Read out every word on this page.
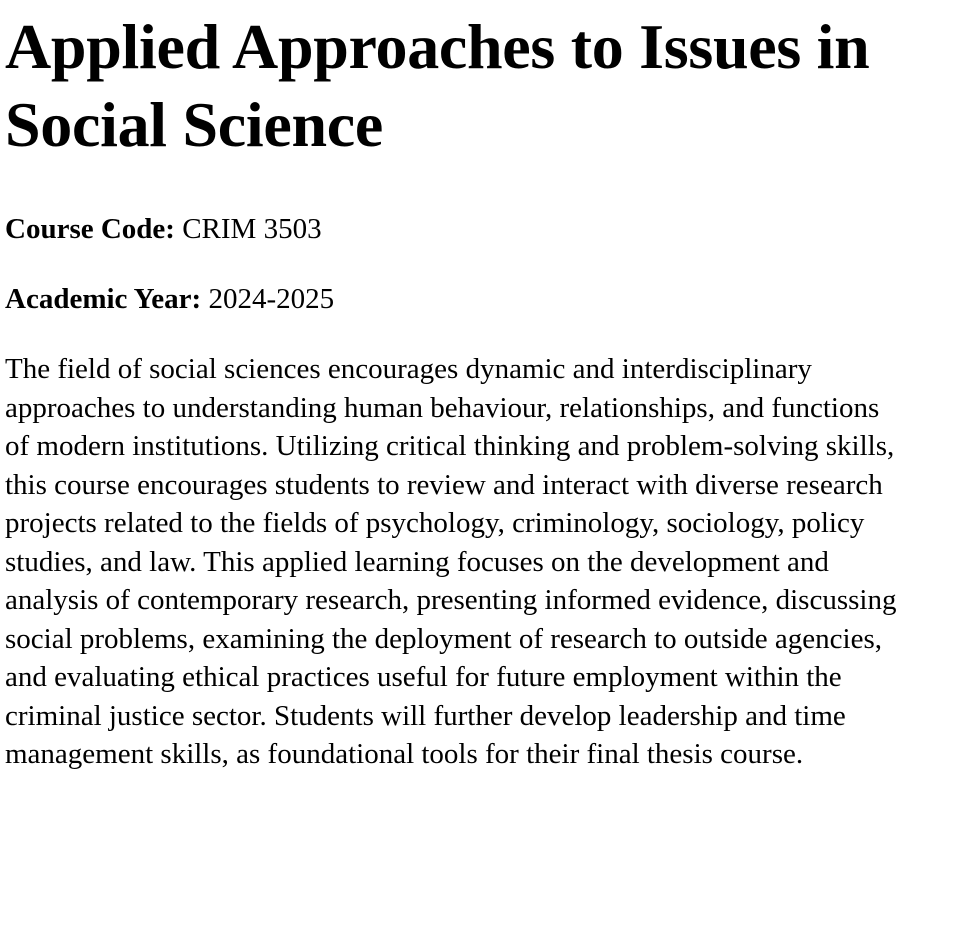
Applied Approaches to Issues in
Social Science

Course Code: CRIM 3503

Academic Year: 2024-2025

The field of social sciences encourages dynamic and interdisciplinary
approaches to understanding human behaviour, relationships, and functions
of modern institutions. Utilizing critical thinking and problem-solving skills,
this course encourages students to review and interact with diverse research
projects related to the fields of psychology, criminology, sociology, policy
studies, and law. This applied learning focuses on the development and
analysis of contemporary research, presenting informed evidence, discussing
social problems, examining the deployment of research to outside agencies,
and evaluating ethical practices useful for future employment within the
criminal justice sector. Students will further develop leadership and time
management skills, as foundational tools for their final thesis course.
